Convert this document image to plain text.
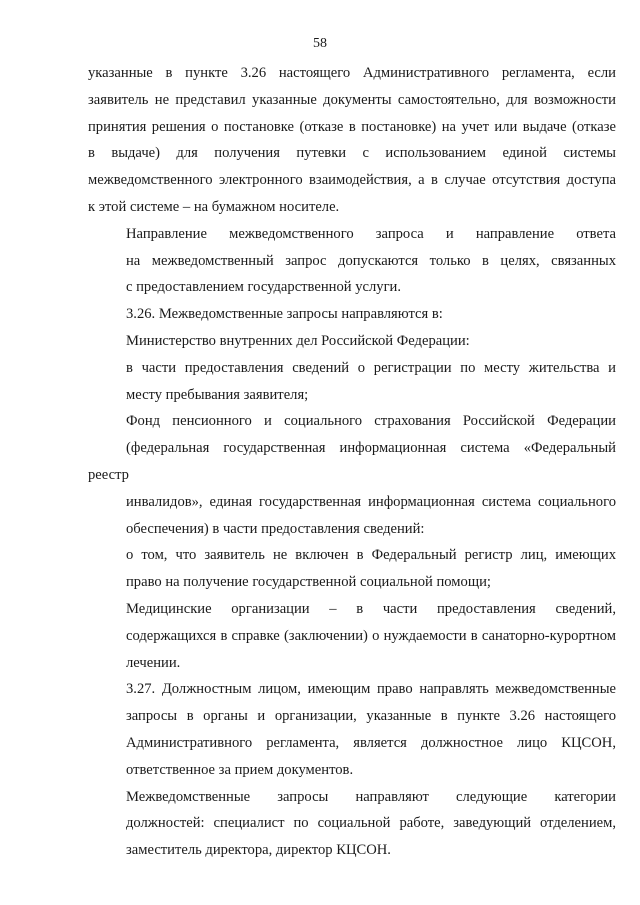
58
указанные в пункте 3.26 настоящего Административного регламента, если
заявитель не представил указанные документы самостоятельно, для возможности
принятия решения о постановке (отказе в постановке) на учет или выдаче (отказе
в выдаче) для получения путевки с использованием единой системы
межведомственного электронного взаимодействия, а в случае отсутствия доступа
к этой системе – на бумажном носителе.
Направление межведомственного запроса и направление ответа
на межведомственный запрос допускаются только в целях, связанных
с предоставлением государственной услуги.
3.26. Межведомственные запросы направляются в:
Министерство внутренних дел Российской Федерации:
в части предоставления сведений о регистрации по месту жительства и
месту пребывания заявителя;
Фонд пенсионного и социального страхования Российской Федерации
(федеральная государственная информационная система «Федеральный реестр
инвалидов», единая государственная информационная система социального
обеспечения) в части предоставления сведений:
о том, что заявитель не включен в Федеральный регистр лиц, имеющих
право на получение государственной социальной помощи;
Медицинские организации – в части предоставления сведений,
содержащихся в справке (заключении) о нуждаемости в санаторно-курортном
лечении.
3.27. Должностным лицом, имеющим право направлять межведомственные
запросы в органы и организации, указанные в пункте 3.26 настоящего
Административного регламента, является должностное лицо КЦСОН,
ответственное за прием документов.
Межведомственные запросы направляют следующие категории
должностей: специалист по социальной работе, заведующий отделением,
заместитель директора, директор КЦСОН.
